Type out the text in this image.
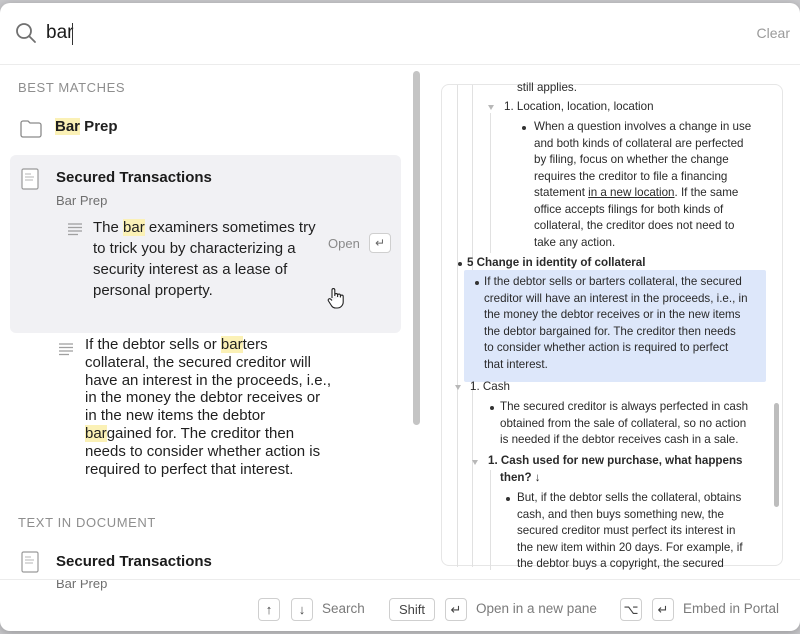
bar
Clear
BEST MATCHES
Bar Prep
Secured Transactions
Bar Prep
The bar examiners sometimes try to trick you by characterizing a security interest as a lease of personal property.
Open	↵
If the debtor sells or barters collateral, the secured creditor will have an interest in the proceeds, i.e., in the money the debtor receives or in the new items the debtor bargained for. The creditor then needs to consider whether action is required to perfect that interest.
TEXT IN DOCUMENT
Secured Transactions
Bar Prep
still applies.
1. Location, location, location
When a question involves a change in use
and both kinds of collateral are perfected
by filing, focus on whether the change
requires the creditor to file a financing
statement in a new location. If the same
office accepts filings for both kinds of
collateral, the creditor does not need to
take any action.
5 Change in identity of collateral
If the debtor sells or barters collateral, the secured
creditor will have an interest in the proceeds, i.e., in
the money the debtor receives or in the new items
the debtor bargained for. The creditor then needs
to consider whether action is required to perfect
that interest.
1. Cash
The secured creditor is always perfected in cash
obtained from the sale of collateral, so no action
is needed if the debtor receives cash in a sale.
1. Cash used for new purchase, what happens
then? ↓
But, if the debtor sells the collateral, obtains
cash, and then buys something new, the
secured creditor must perfect its interest in
the new item within 20 days. For example, if
the debtor buys a copyright, the secured
↑	↓	Search	Shift	↵	Open in a new pane ⌥	↵	Embed in Portal
